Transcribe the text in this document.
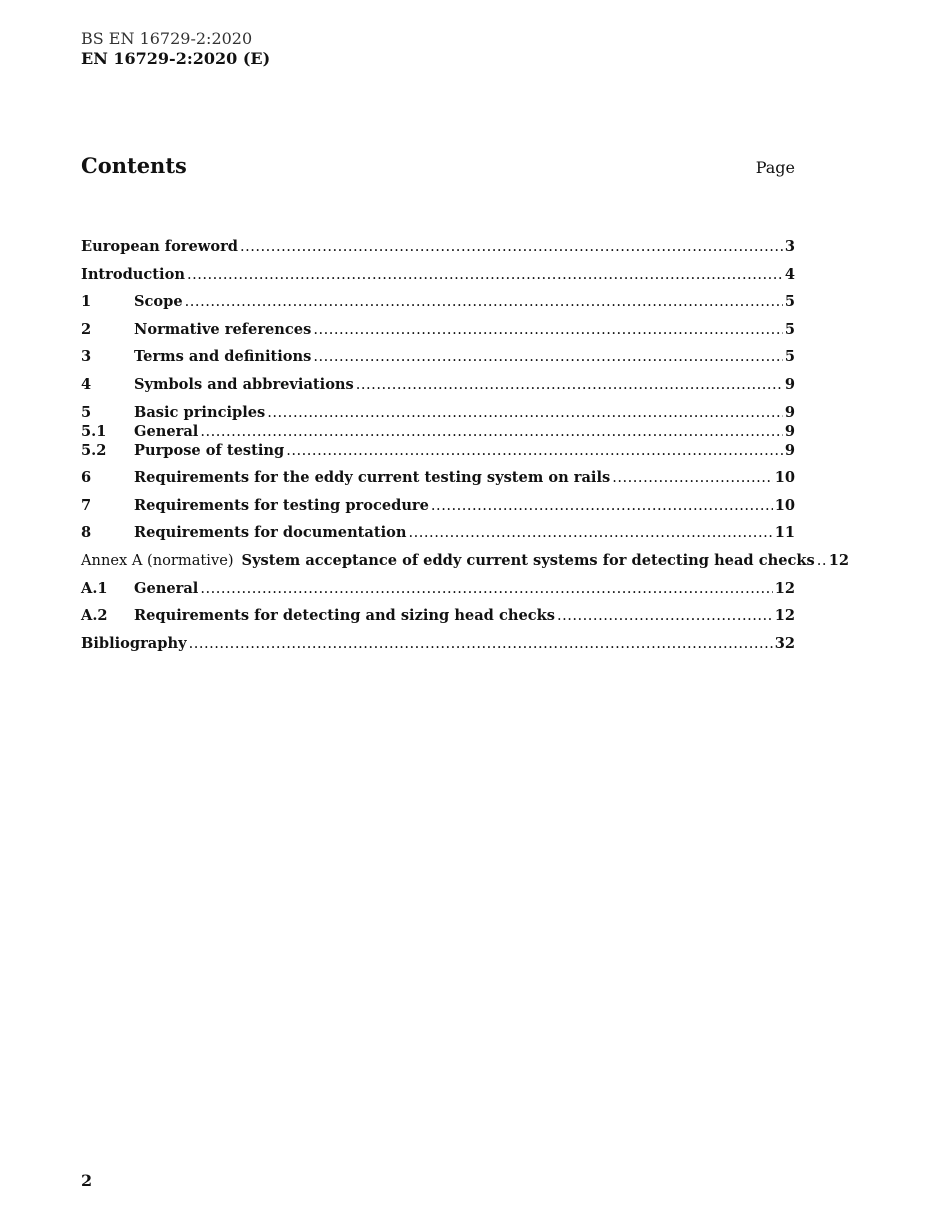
BS EN 16729-2:2020
EN 16729-2:2020 (E)
Contents	Page
European foreword .....	3
Introduction .....	4
1	Scope .....	5
2	Normative references .....	5
3	Terms and definitions .....	5
4	Symbols and abbreviations .....	9
5	Basic principles .....	9
5.1	General .....	9
5.2	Purpose of testing .....	9
6	Requirements for the eddy current testing system on rails .....	10
7	Requirements for testing procedure .....	10
8	Requirements for documentation .....	11
Annex A (normative) System acceptance of eddy current systems for detecting head checks ..... 12
A.1	General .....	12
A.2	Requirements for detecting and sizing head checks .....	12
Bibliography .....	32
2
